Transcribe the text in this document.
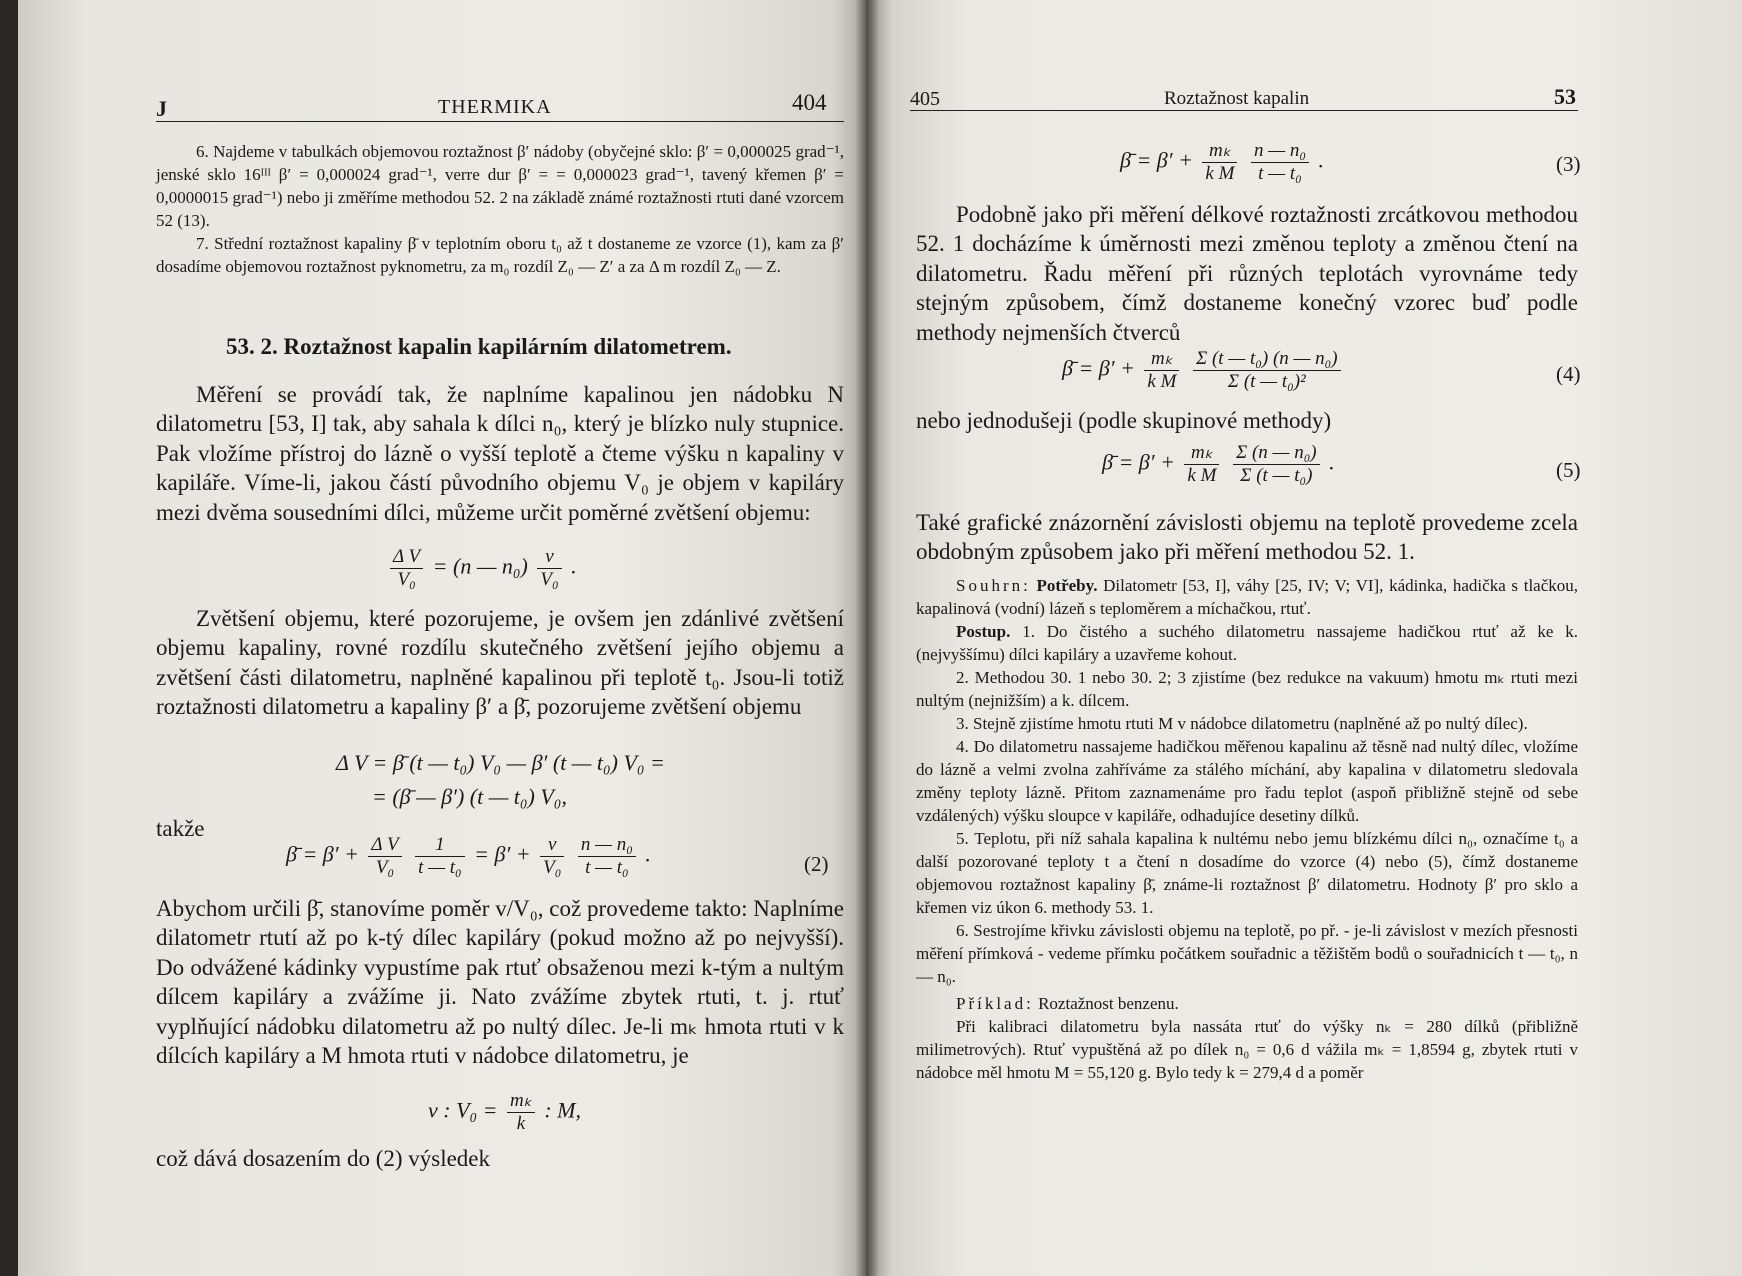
J	THERMIKA	404

6. Najdeme v tabulkách objemovou roztažnost β′ nádoby (obyčejné sklo: β′ = 0,000025 grad⁻¹, jenské sklo 16ᴵᴵᴵ β′ = 0,000024 grad⁻¹, verre dur β′ = = 0,000023 grad⁻¹, tavený křemen β′ = 0,0000015 grad⁻¹) nebo ji změříme methodou 52. 2 na základě známé roztažnosti rtuti dané vzorcem 52 (13).

7. Střední roztažnost kapaliny β̄ v teplotním oboru t₀ až t dostaneme ze vzorce (1), kam za β′ dosadíme objemovou roztažnost pyknometru, za m₀ rozdíl Z₀ — Z′ a za Δ m rozdíl Z₀ — Z.

53. 2. Roztažnost kapalin kapilárním dilatometrem.

Měření se provádí tak, že naplníme kapalinou jen nádobku N dilatometru [53, I] tak, aby sahala k dílci n₀, který je blízko nuly stupnice. Pak vložíme přístroj do lázně o vyšší teplotě a čteme výšku n kapaliny v kapiláře. Víme-li, jakou částí původního objemu V₀ je objem v kapiláry mezi dvěma sousedními dílci, můžeme určit poměrné zvětšení objemu:

$\frac{\text{Δ V}}{\text{V₀}} = (n$ — $n_0) \frac{v}{\text{V₀}}$ .

Zvětšení objemu, které pozorujeme, je ovšem jen zdánlivé zvětšení objemu kapaliny, rovné rozdílu skutečného zvětšení jejího objemu a zvětšení části dilatometru, naplněné kapalinou při teplotě t₀. Jsou-li totiž roztažnosti dilatometru a kapaliny β′ a β̄, pozorujeme zvětšení objemu

Δ V = β̄ (t — t₀) V₀ — β′ (t — t₀) V₀ =
= (β̄ — β′) (t — t₀) V₀,
takže
β̄ = $\beta' + \frac{\text{Δ V}}{\text{V₀}}$
$\frac{1}{\text{t — t₀}} = \beta' + \frac{v}{\text{V₀}}$
$\frac{\text{n — n₀}}{\text{t — t₀}}$ .	(2)

Abychom určili β̄, stanovíme poměr v/V₀, což provedeme takto: Naplníme dilatometr rtutí až po k-tý dílec kapiláry (pokud možno až po nejvyšší). Do odvážené kádinky vypustíme pak rtuť obsaženou mezi k-tým a nultým dílcem kapiláry a zvážíme ji. Nato zvážíme zbytek rtuti, t. j. rtuť vyplňující nádobku dilatometru až po nultý dílec. Je-li mₖ hmota rtuti v k dílcích kapiláry a M hmota rtuti v nádobce dilatometru, je

v : $V_0 = \frac{\text{mₖ}}{k}$ : M,
což dává dosazením do (2) výsledek
405	Roztažnost kapalin	53
β̄ = $\beta' + \frac{\text{mₖ}}{\text{k M}}$
$\frac{\text{n — n₀}}{\text{t — t₀}}$ .	(3)

Podobně jako při měření délkové roztažnosti zrcátkovou methodou 52. 1 docházíme k úměrnosti mezi změnou teploty a změnou čtení na dilatometru. Řadu měření při různých teplotách vyrovnáme tedy stejným způsobem, čímž dostaneme konečný vzorec buď podle methody nejmenších čtverců

β̄ = $\beta' + \frac{\text{mₖ}}{\text{k M}}$
$\frac{\text{Σ (t — t₀) (n — n₀)}}{\text{Σ (t — t₀)²}}$	(4)
nebo jednodušeji (podle skupinové methody)
β̄ = $\beta' + \frac{\text{mₖ}}{\text{k M}}$
$\frac{\text{Σ (n — n₀)}}{\text{Σ (t — t₀)}}$ .	(5)

Také grafické znázornění závislosti objemu na teplotě provedeme zcela obdobným způsobem jako při měření methodou 52. 1.

Souhrn: Potřeby. Dilatometr [53, I], váhy [25, IV; V; VI], kádinka, hadička s tlačkou, kapalinová (vodní) lázeň s teploměrem a míchačkou, rtuť.

Postup. 1. Do čistého a suchého dilatometru nassajeme hadičkou rtuť až ke k. (nejvyššímu) dílci kapiláry a uzavřeme kohout.

2. Methodou 30. 1 nebo 30. 2; 3 zjistíme (bez redukce na vakuum) hmotu mₖ rtuti mezi nultým (nejnižším) a k. dílcem.

3. Stejně zjistíme hmotu rtuti M v nádobce dilatometru (naplněné až po nultý dílec).

4. Do dilatometru nassajeme hadičkou měřenou kapalinu až těsně nad nultý dílec, vložíme do lázně a velmi zvolna zahříváme za stálého míchání, aby kapalina v dilatometru sledovala změny teploty lázně. Přitom zaznamenáme pro řadu teplot (aspoň přibližně stejně od sebe vzdálených) výšku sloupce v kapiláře, odhadujíce desetiny dílků.

5. Teplotu, při níž sahala kapalina k nultému nebo jemu blízkému dílci n₀, označíme t₀ a další pozorované teploty t a čtení n dosadíme do vzorce (4) nebo (5), čímž dostaneme objemovou roztažnost kapaliny β̄, známe-li roztažnost β′ dilatometru. Hodnoty β′ pro sklo a křemen viz úkon 6. methody 53. 1.

6. Sestrojíme křivku závislosti objemu na teplotě, po př. - je-li závislost v mezích přesnosti měření přímková - vedeme přímku počátkem souřadnic a těžištěm bodů o souřadnicích t — t₀, n — n₀.

Příklad: Roztažnost benzenu.

Při kalibraci dilatometru byla nassáta rtuť do výšky nₖ = 280 dílků (přibližně milimetrových). Rtuť vypuštěná až po dílek n₀ = 0,6 d vážila mₖ = 1,8594 g, zbytek rtuti v nádobce měl hmotu M = 55,120 g. Bylo tedy k = 279,4 d a poměr
